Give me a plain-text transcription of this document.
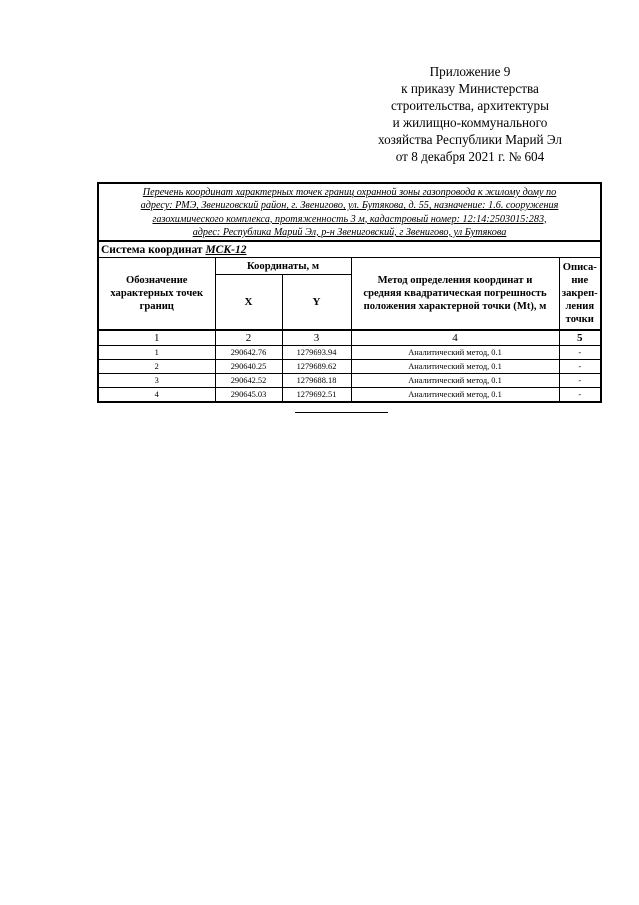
Приложение 9
к приказу Министерства
строительства, архитектуры
и жилищно-коммунального
хозяйства Республики Марий Эл
от 8 декабря 2021 г. № 604
Перечень координат характерных точек границ охранной зоны газопровода к жилому дому по
адресу: РМЭ, Звениговский район, г. Звенигово, ул. Бутякова, д. 55, назначение: 1.6. сооружения
газохимического комплекса, протяженность 3 м, кадастровый номер: 12:14:2503015:283,
адрес: Республика Марий Эл, р-н Звениговский, г Звенигово, ул Бутякова				

Система координат МСК-12				
Обозначение характерных точек границ	Координаты, м		Метод определения координат и средняя квадратическая погрешность положения характерной точки (Mt), м	Описа-ние закреп-ления точки
	X	Y		
1	2	3	4	5
1	290642.76	1279693.94	Аналитический метод, 0.1	-
2	290640.25	1279689.62	Аналитический метод, 0.1	-
3	290642.52	1279688.18	Аналитический метод, 0.1	-
4	290645.03	1279692.51	Аналитический метод, 0.1	-
